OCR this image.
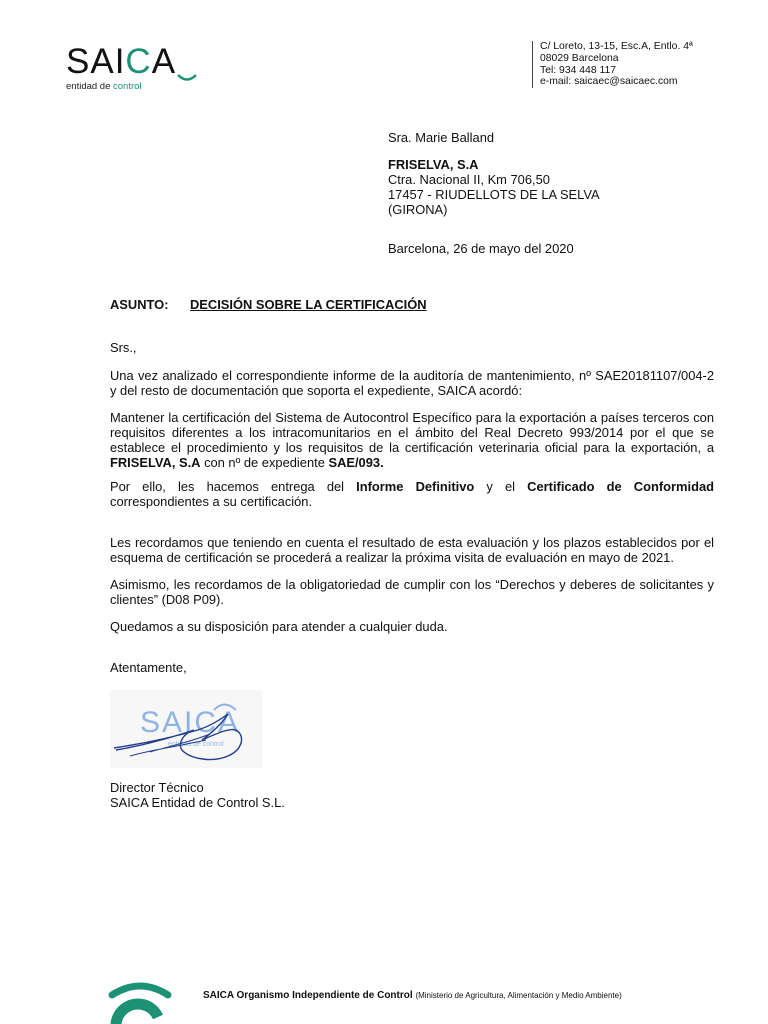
SAICA
entidad de control
C/ Loreto, 13-15, Esc.A, Entlo. 4ª
08029 Barcelona
Tel: 934 448 117
e-mail: saicaec@saicaec.com
Sra. Marie Balland
FRISELVA, S.A
Ctra. Nacional II, Km 706,50
17457 - RIUDELLOTS DE LA SELVA
(GIRONA)
Barcelona, 26 de mayo del 2020
ASUNTO: DECISIÓN SOBRE LA CERTIFICACIÓN
Srs.,
Una vez analizado el correspondiente informe de la auditoría de mantenimiento, nº SAE20181107/004-2
y del resto de documentación que soporta el expediente, SAICA acordó:
Mantener la certificación del Sistema de Autocontrol Específico para la exportación a países terceros con
requisitos diferentes a los intracomunitarios en el ámbito del Real Decreto 993/2014 por el que se
establece el procedimiento y los requisitos de la certificación veterinaria oficial para la exportación, a
FRISELVA, S.A con nº de expediente SAE/093.
Por ello, les hacemos entrega del Informe Definitivo y el Certificado de Conformidad
correspondientes a su certificación.
Les recordamos que teniendo en cuenta el resultado de esta evaluación y los plazos establecidos por el
esquema de certificación se procederá a realizar la próxima visita de evaluación en mayo de 2021.
Asimismo, les recordamos de la obligatoriedad de cumplir con los “Derechos y deberes de solicitantes y
clientes” (D08 P09).
Quedamos a su disposición para atender a cualquier duda.
Atentamente,
Director Técnico
SAICA Entidad de Control S.L.
SAICA
entidad de control
SAICA Organismo Independiente de Control (Ministerio de Agricultura, Alimentación y Medio Ambiente)
